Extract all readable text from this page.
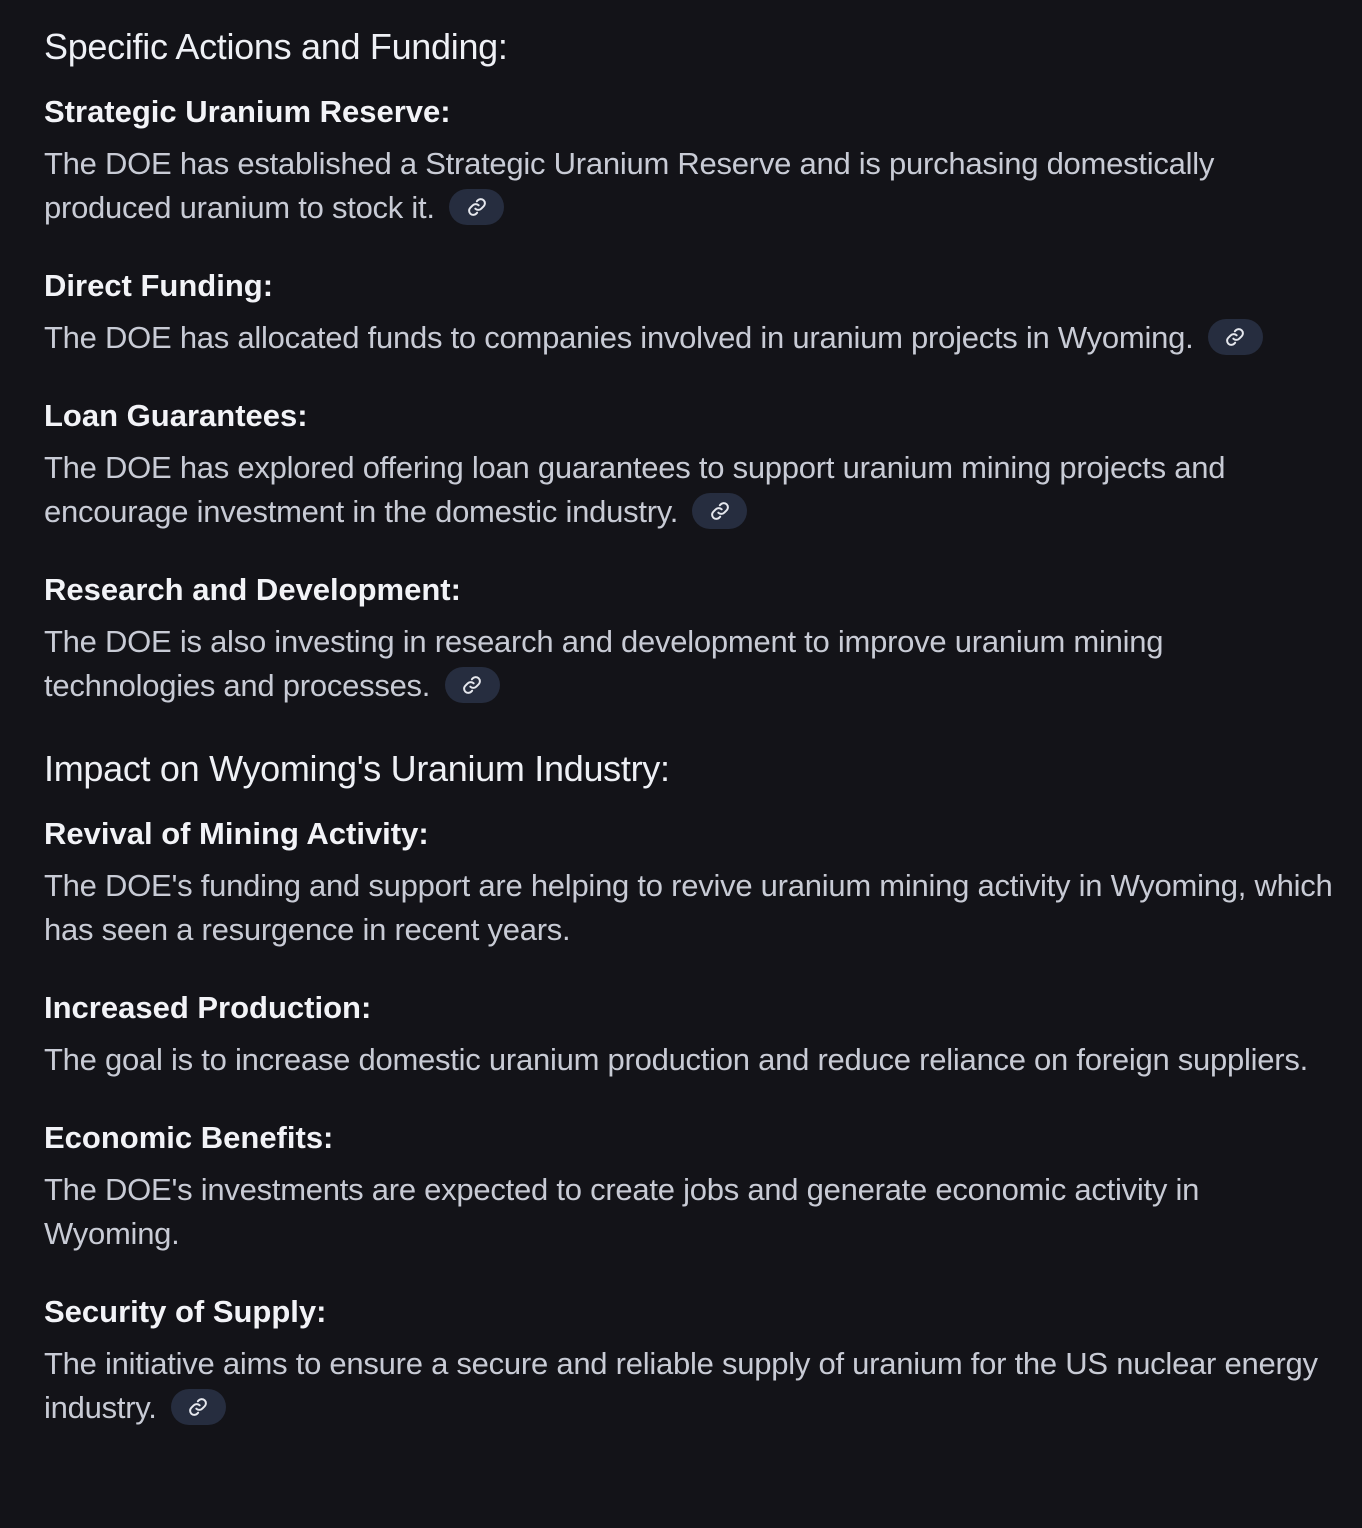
Specific Actions and Funding:

Strategic Uranium Reserve:

The DOE has established a Strategic Uranium Reserve and is purchasing domestically produced uranium to stock it.

Direct Funding:

The DOE has allocated funds to companies involved in uranium projects in Wyoming.

Loan Guarantees:

The DOE has explored offering loan guarantees to support uranium mining projects and encourage investment in the domestic industry.

Research and Development:

The DOE is also investing in research and development to improve uranium mining technologies and processes.

Impact on Wyoming's Uranium Industry:

Revival of Mining Activity:

The DOE's funding and support are helping to revive uranium mining activity in Wyoming, which has seen a resurgence in recent years.

Increased Production:

The goal is to increase domestic uranium production and reduce reliance on foreign suppliers.

Economic Benefits:

The DOE's investments are expected to create jobs and generate economic activity in Wyoming.

Security of Supply:

The initiative aims to ensure a secure and reliable supply of uranium for the US nuclear energy industry.
